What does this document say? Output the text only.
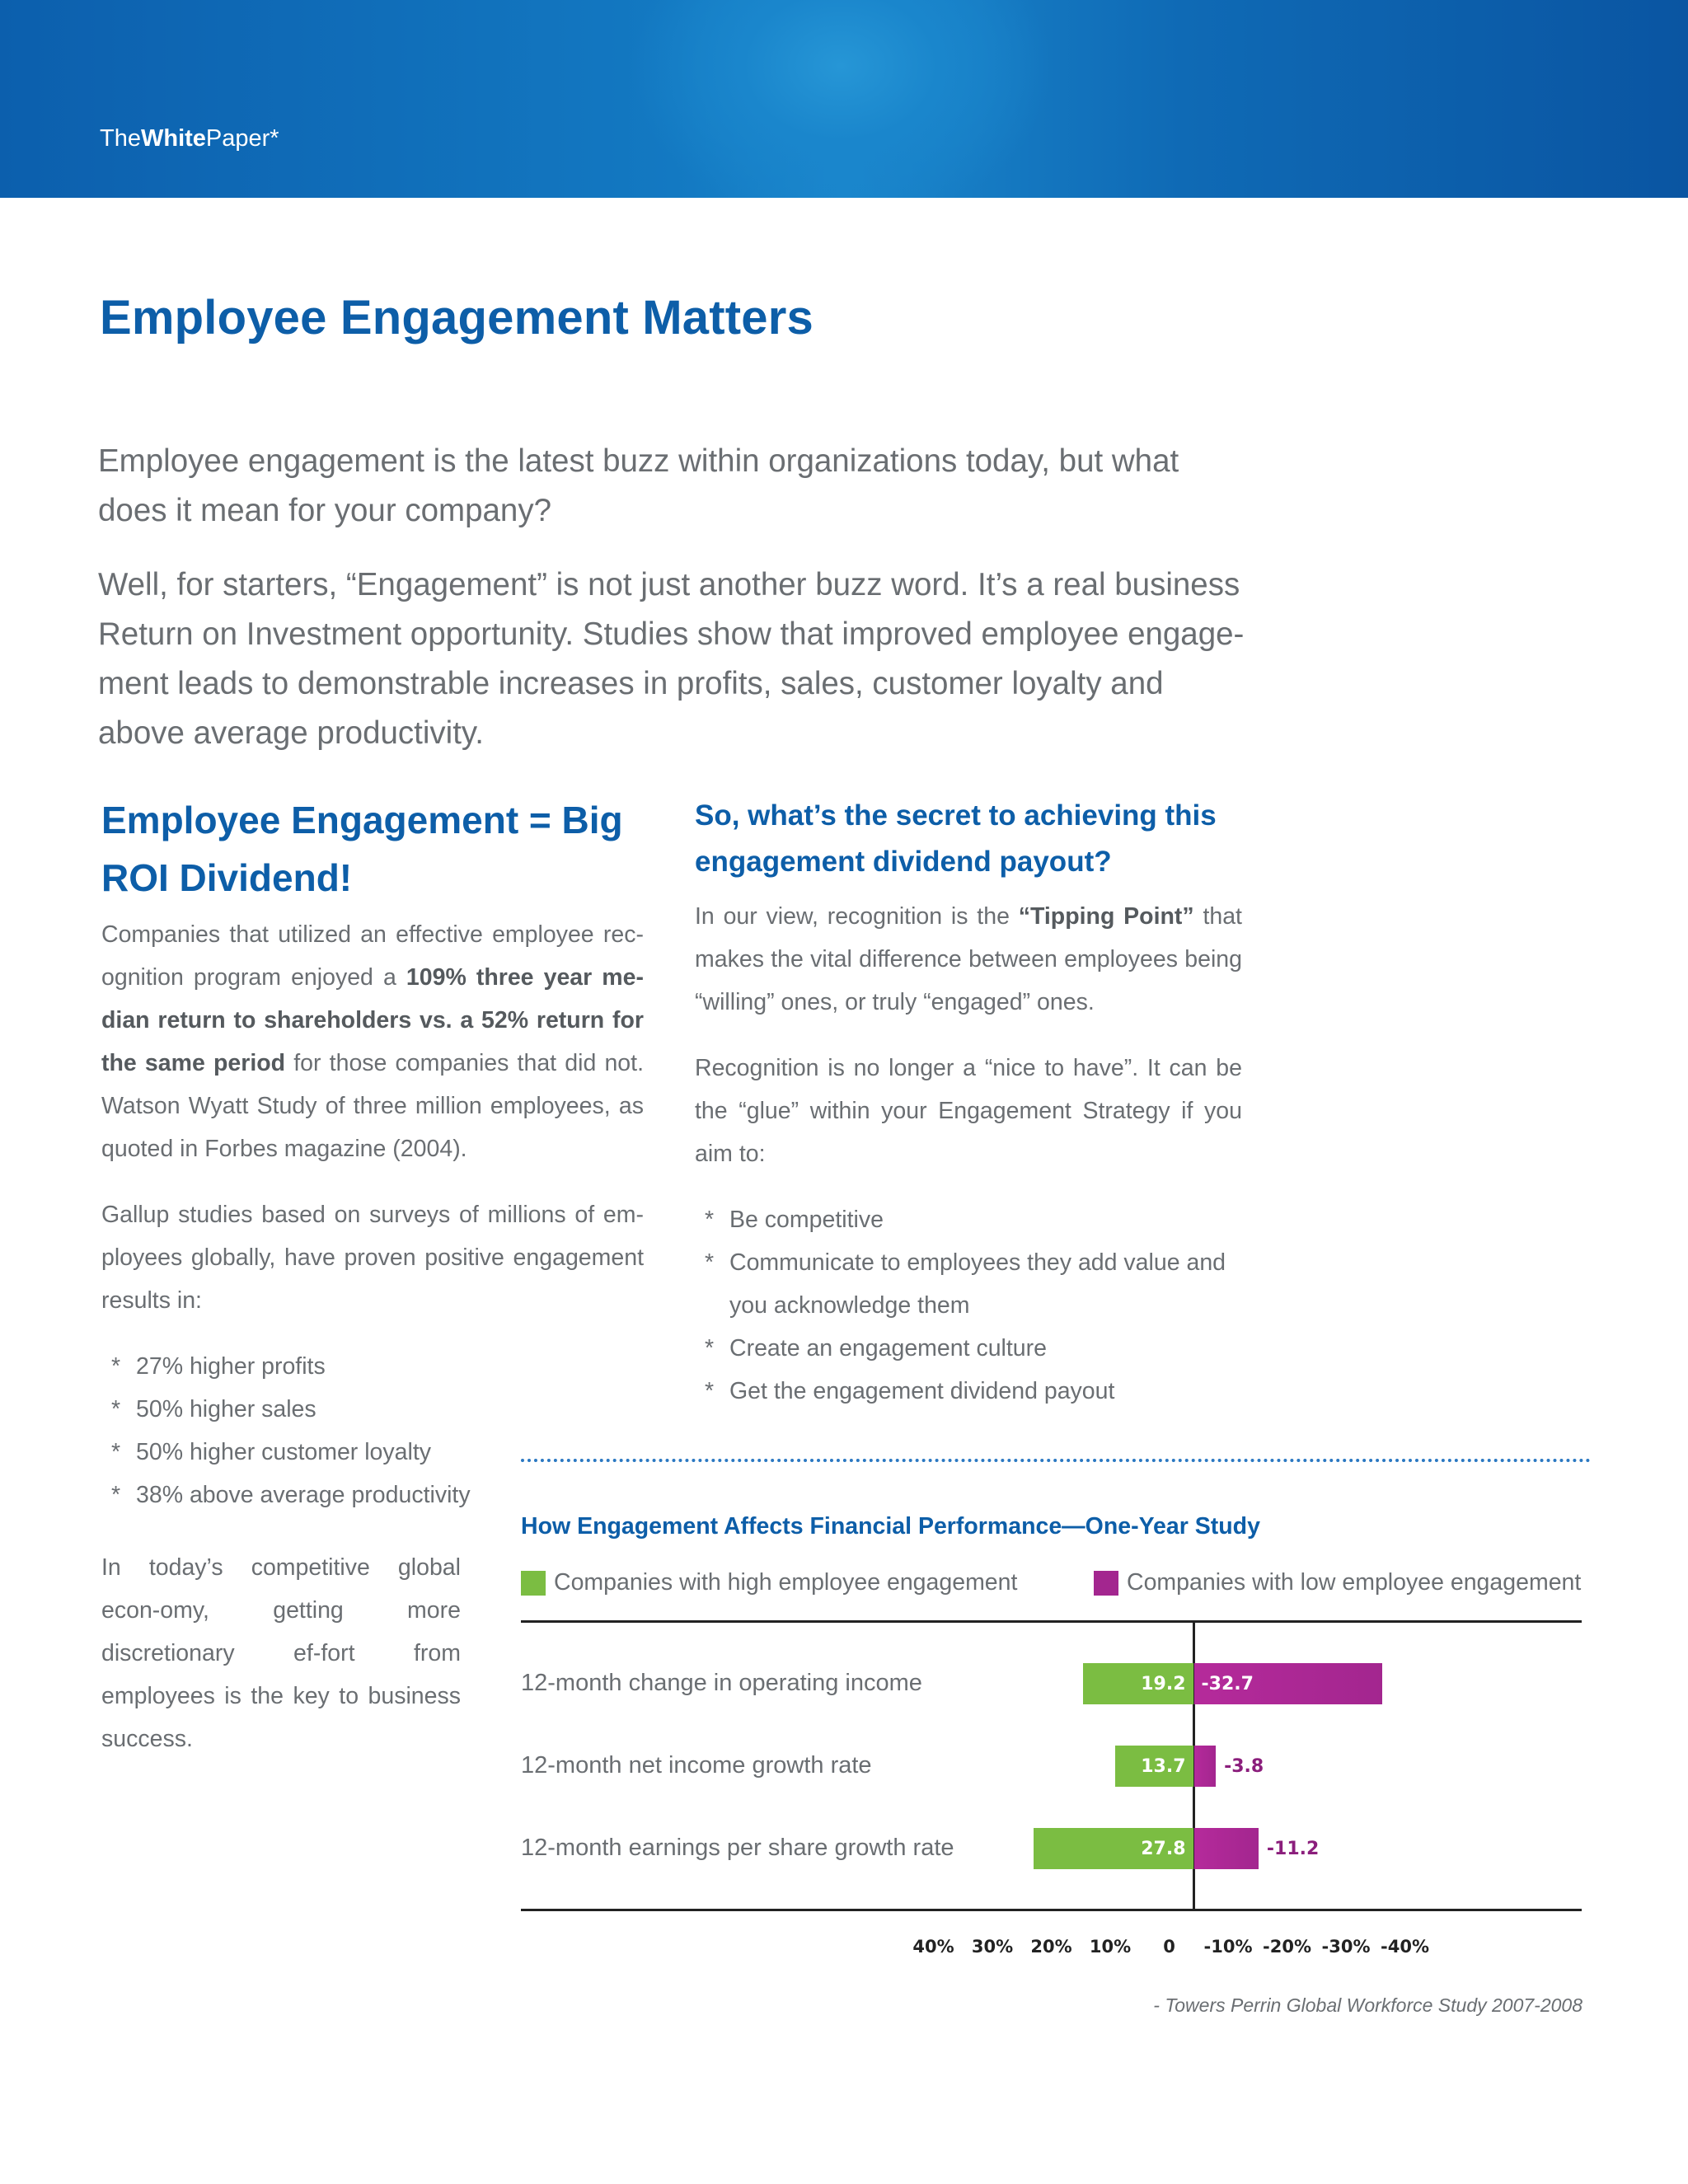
TheWhitePaper*
Employee Engagement Matters

Employee engagement is the latest buzz within organizations today, but what does it mean for your company?

Well, for starters, “Engagement” is not just another buzz word. It’s a real business Return on Investment opportunity. Studies show that improved employee engage-ment leads to demonstrable increases in profits, sales, customer loyalty and above average productivity.

Employee Engagement = Big ROI Dividend!

Companies that utilized an effective employee rec-ognition program enjoyed a 109% three year me-dian return to shareholders vs. a 52% return for the same period for those companies that did not. Watson Wyatt Study of three million employees, as quoted in Forbes magazine (2004).

Gallup studies based on surveys of millions of em-ployees globally, have proven positive engagement results in:

* 27% higher profits
* 50% higher sales
* 50% higher customer loyalty
* 38% above average productivity

In today’s competitive global econ-omy, getting more discretionary ef-fort from employees is the key to business success.

So, what’s the secret to achieving this engagement dividend payout?

In our view, recognition is the “Tipping Point” that makes the vital difference between employees being “willing” ones, or truly “engaged” ones.

Recognition is no longer a “nice to have”. It can be the “glue” within your Engagement Strategy if you aim to:

* Be competitive
* Communicate to employees they add value and you acknowledge them
* Create an engagement culture
* Get the engagement dividend payout
How Engagement Affects Financial Performance—One-Year Study
Companies with high employee engagement	Companies with low employee engagement
12-month change in operating income	19.2 -32.7
12-month net income growth rate	13.7 -3.8
12-month earnings per share growth rate	27.8	-11.2
40% 30% 20% 10% 0 -10% -20% -30% -40%
- Towers Perrin Global Workforce Study 2007-2008
